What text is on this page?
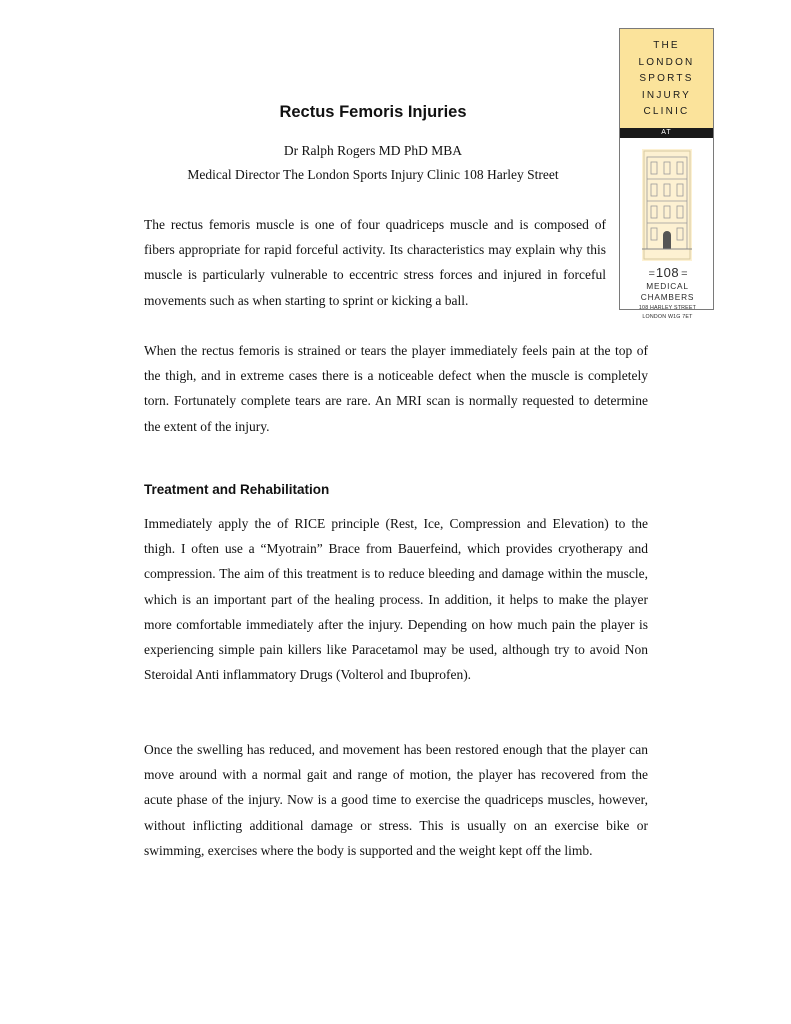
THE
LONDON
SPORTS
INJURY
CLINIC
AT
= 108 =
MEDICAL
CHAMBERS
108 HARLEY STREET
LONDON W1G 7ET
Rectus Femoris Injuries
Dr Ralph Rogers MD PhD MBA
Medical Director The London Sports Injury Clinic 108 Harley Street

The rectus femoris muscle is one of four quadriceps muscle and is composed of fibers appropriate for rapid forceful activity. Its characteristics may explain why this muscle is particularly vulnerable to eccentric stress forces and injured in forceful movements such as when starting to sprint or kicking a ball.

When the rectus femoris is strained or tears the player immediately feels pain at the top of the thigh, and in extreme cases there is a noticeable defect when the muscle is completely torn. Fortunately complete tears are rare. An MRI scan is normally requested to determine the extent of the injury.

Treatment and Rehabilitation

Immediately apply the of RICE principle (Rest, Ice, Compression and Elevation) to the thigh. I often use a “Myotrain” Brace from Bauerfeind, which provides cryotherapy and compression. The aim of this treatment is to reduce bleeding and damage within the muscle, which is an important part of the healing process. In addition, it helps to make the player more comfortable immediately after the injury. Depending on how much pain the player is experiencing simple pain killers like Paracetamol may be used, although try to avoid Non Steroidal Anti inflammatory Drugs (Volterol and Ibuprofen).

Once the swelling has reduced, and movement has been restored enough that the player can move around with a normal gait and range of motion, the player has recovered from the acute phase of the injury. Now is a good time to exercise the quadriceps muscles, however, without inflicting additional damage or stress. This is usually on an exercise bike or swimming, exercises where the body is supported and the weight kept off the limb.
